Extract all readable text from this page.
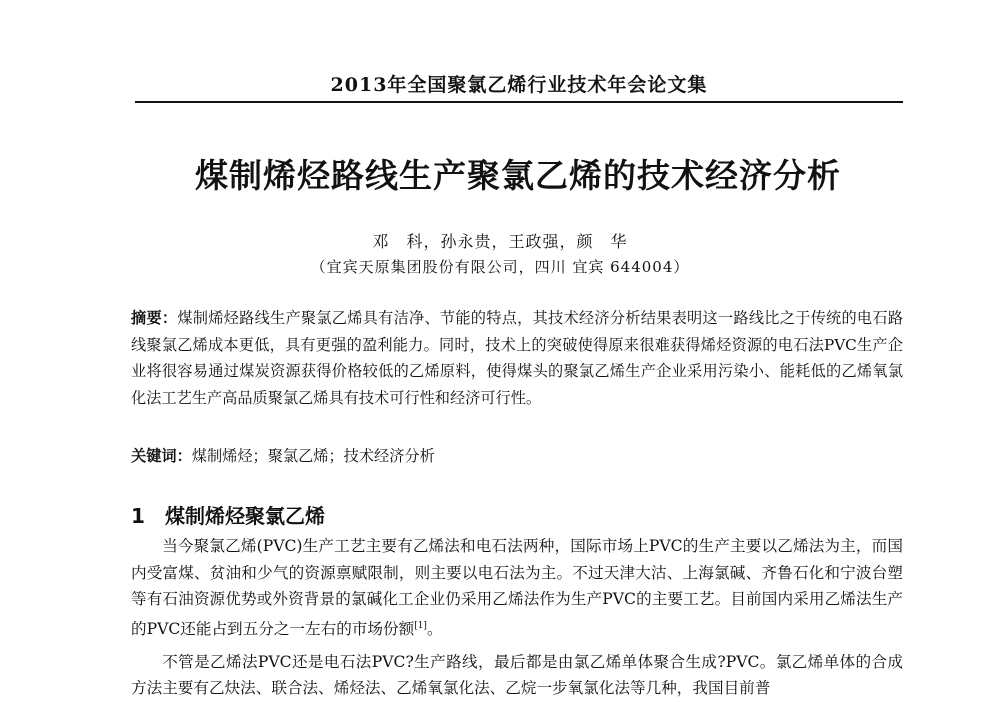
2013年全国聚氯乙烯行业技术年会论文集
煤制烯烃路线生产聚氯乙烯的技术经济分析
邓　科，孙永贵，王政强，颜　华
（宜宾天原集团股份有限公司，四川 宜宾 644004）
摘要：煤制烯烃路线生产聚氯乙烯具有洁净、节能的特点，其技术经济分析结果表明这一路线比之于传统的电石路线聚氯乙烯成本更低，具有更强的盈利能力。同时，技术上的突破使得原来很难获得烯烃资源的电石法PVC生产企业将很容易通过煤炭资源获得价格较低的乙烯原料，使得煤头的聚氯乙烯生产企业采用污染小、能耗低的乙烯氧氯化法工艺生产高品质聚氯乙烯具有技术可行性和经济可行性。
关键词：煤制烯烃；聚氯乙烯；技术经济分析
1 煤制烯烃聚氯乙烯

当今聚氯乙烯(PVC)生产工艺主要有乙烯法和电石法两种，国际市场上PVC的生产主要以乙烯法为主，而国内受富煤、贫油和少气的资源禀赋限制，则主要以电石法为主。不过天津大沽、上海氯碱、齐鲁石化和宁波台塑等有石油资源优势或外资背景的氯碱化工企业仍采用乙烯法作为生产PVC的主要工艺。目前国内采用乙烯法生产的PVC还能占到五分之一左右的市场份额[1]。

不管是乙烯法PVC还是电石法PVC?生产路线，最后都是由氯乙烯单体聚合生成?PVC。氯乙烯单体的合成方法主要有乙炔法、联合法、烯烃法、乙烯氧氯化法、乙烷一步氧氯化法等几种，我国目前普
